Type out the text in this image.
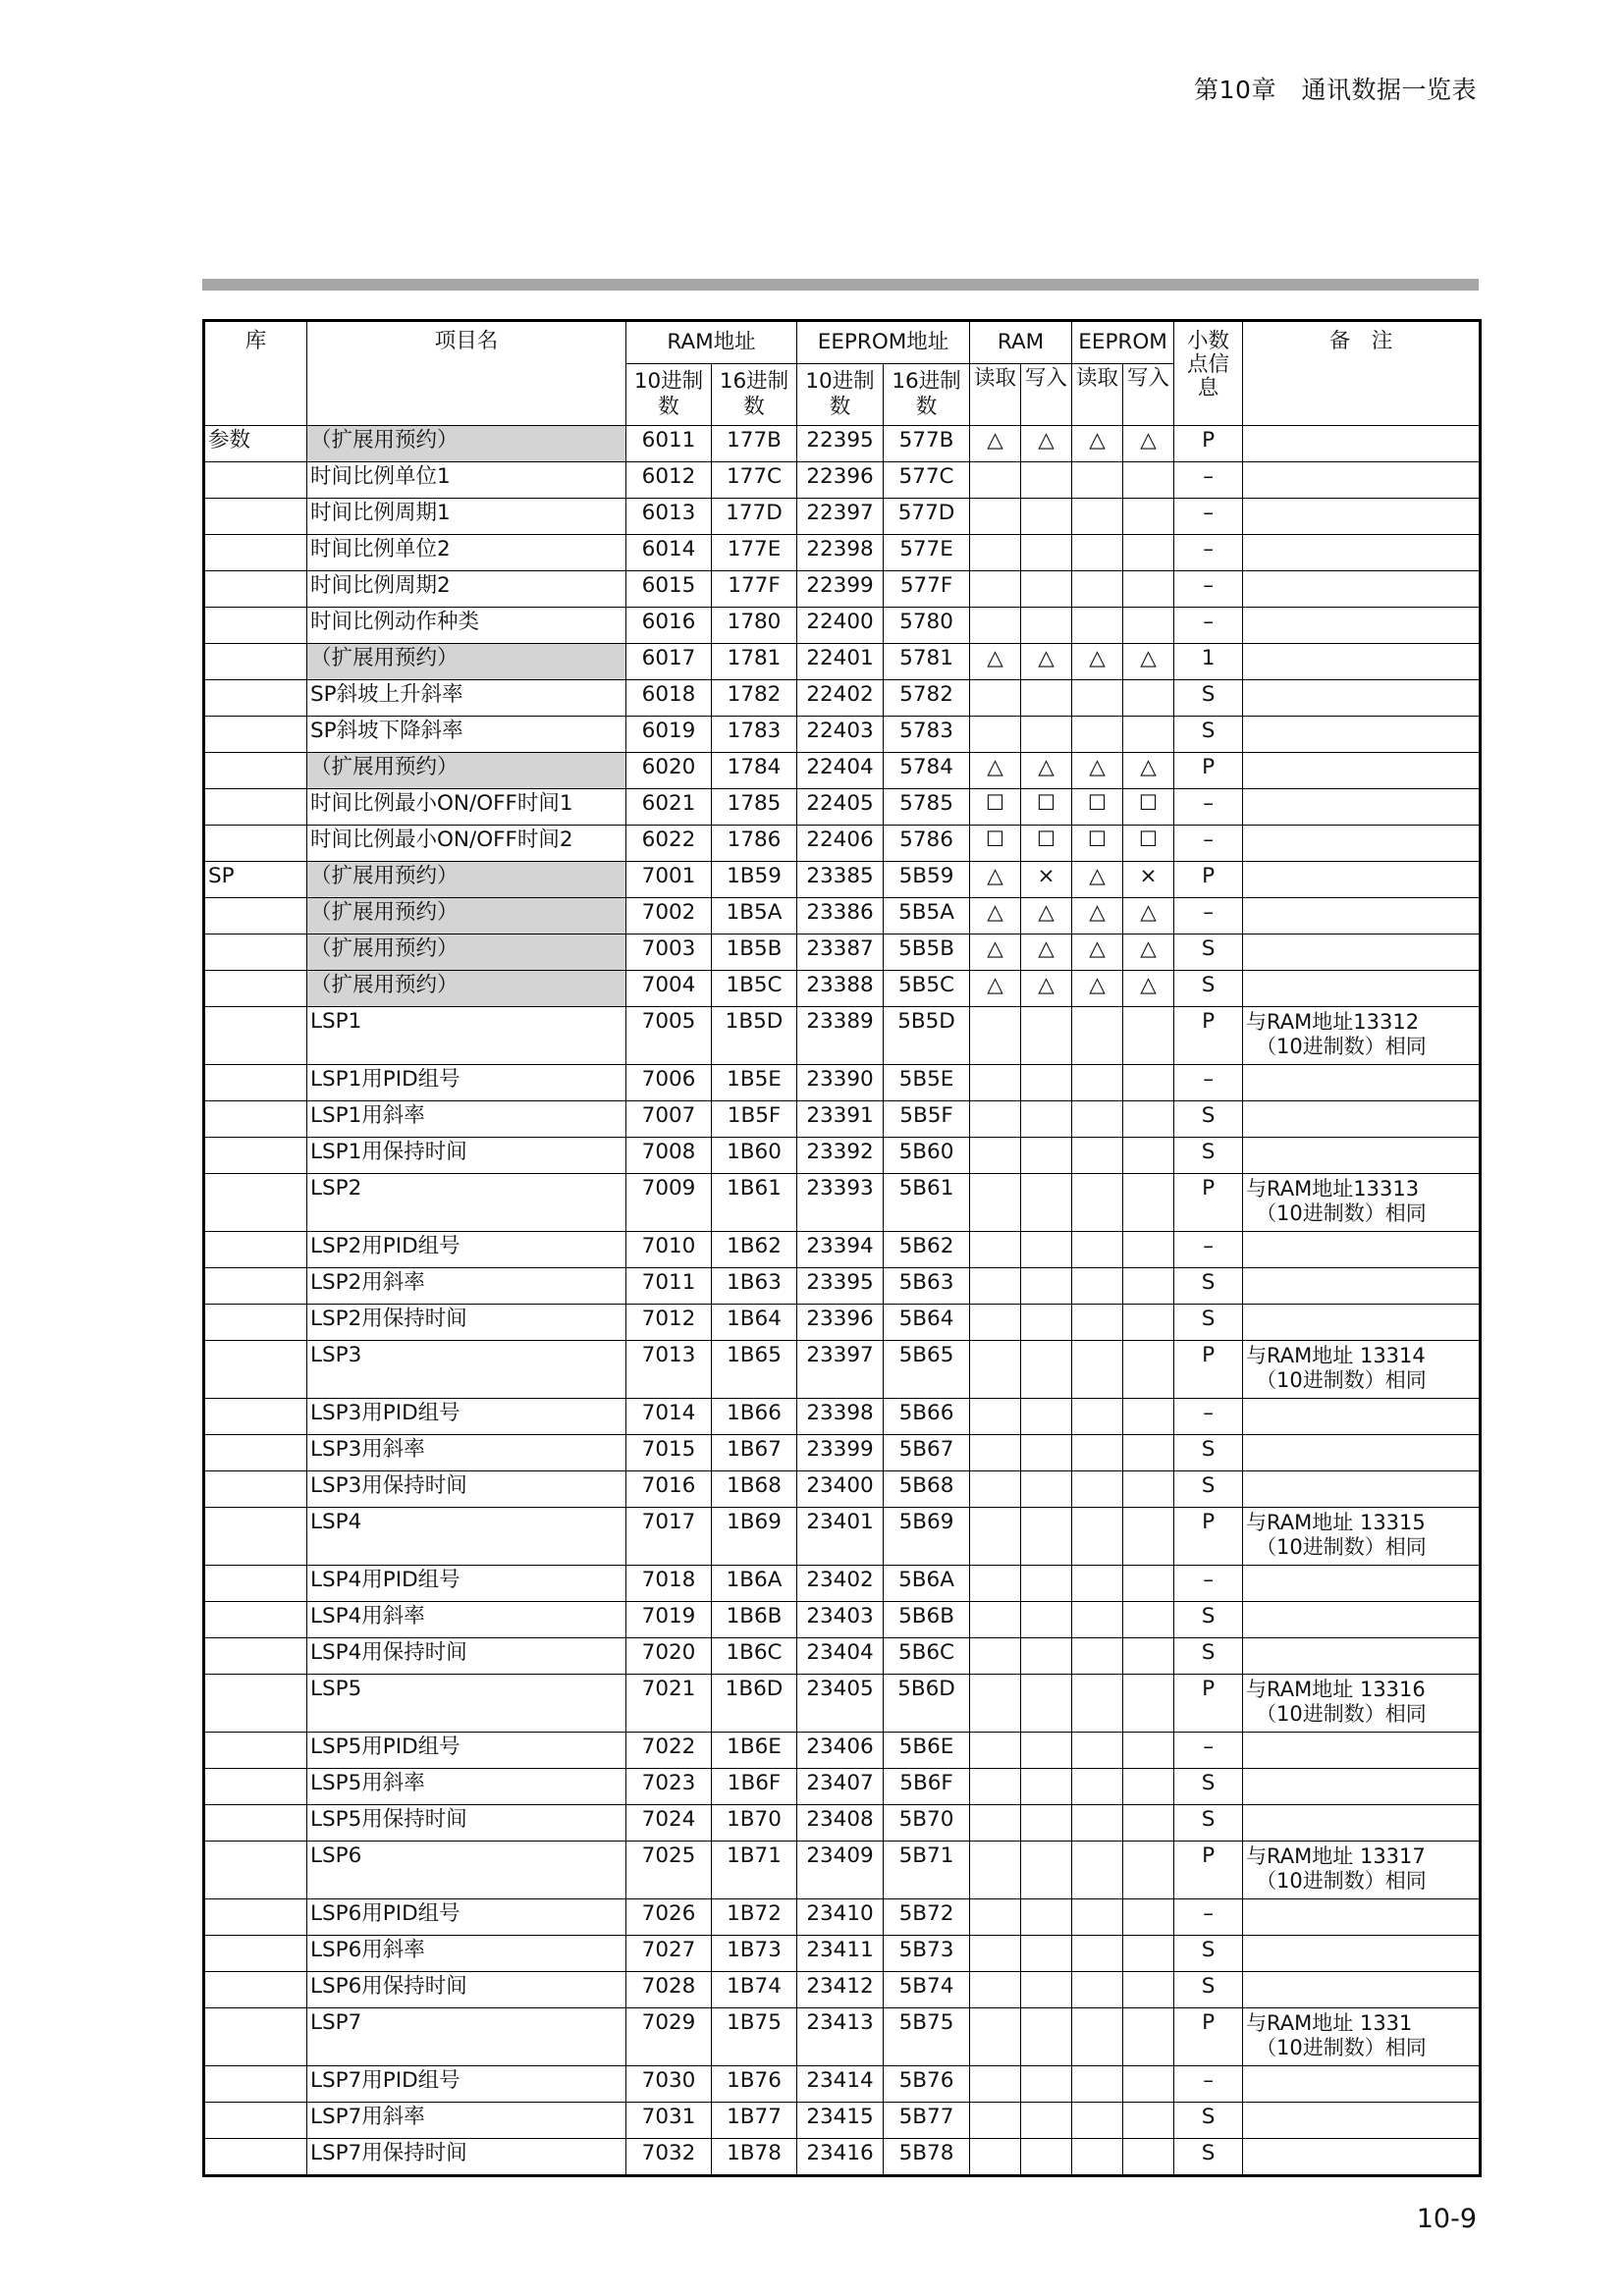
第10章　 通讯数据一览表
库	项目名	RAM地址		EEPROM地址		RAM		EEPROM		小数点信息	备　注
		10进制数	16进制数	10进制数	16进制数	读取	写入	读取	写入		
参数	（扩展用预约）	6011	177B	22395	577B	△	△	△	△	P	

	时间比例单位1	6012	177C	22396	577C					–	

	时间比例周期1	6013	177D	22397	577D					–	

	时间比例单位2	6014	177E	22398	577E					–	

	时间比例周期2	6015	177F	22399	577F					–	

	时间比例动作种类	6016	1780	22400	5780					–	

	（扩展用预约）	6017	1781	22401	5781	△	△	△	△	1	

	SP斜坡上升斜率	6018	1782	22402	5782					S	

	SP斜坡下降斜率	6019	1783	22403	5783					S	

	（扩展用预约）	6020	1784	22404	5784	△	△	△	△	P	

	时间比例最小ON/OFF时间1	6021	1785	22405	5785	☐	☐	☐	☐	–	

	时间比例最小ON/OFF时间2	6022	1786	22406	5786	☐	☐	☐	☐	–	

SP	（扩展用预约）	7001	1B59	23385	5B59	△	×	△	×	P	

	（扩展用预约）	7002	1B5A	23386	5B5A	△	△	△	△	–	

	（扩展用预约）	7003	1B5B	23387	5B5B	△	△	△	△	S	

	（扩展用预约）	7004	1B5C	23388	5B5C	△	△	△	△	S	

	LSP1	7005	1B5D	23389	5B5D					P	与RAM地址13312
（10进制数）相同

	LSP1用PID组号	7006	1B5E	23390	5B5E					–	

	LSP1用斜率	7007	1B5F	23391	5B5F					S	

	LSP1用保持时间	7008	1B60	23392	5B60					S	

	LSP2	7009	1B61	23393	5B61					P	与RAM地址13313
（10进制数）相同

	LSP2用PID组号	7010	1B62	23394	5B62					–	

	LSP2用斜率	7011	1B63	23395	5B63					S	

	LSP2用保持时间	7012	1B64	23396	5B64					S	

	LSP3	7013	1B65	23397	5B65					P	与RAM地址 13314
（10进制数）相同

	LSP3用PID组号	7014	1B66	23398	5B66					–	

	LSP3用斜率	7015	1B67	23399	5B67					S	

	LSP3用保持时间	7016	1B68	23400	5B68					S	

	LSP4	7017	1B69	23401	5B69					P	与RAM地址 13315
（10进制数）相同

	LSP4用PID组号	7018	1B6A	23402	5B6A					–	

	LSP4用斜率	7019	1B6B	23403	5B6B					S	

	LSP4用保持时间	7020	1B6C	23404	5B6C					S	

	LSP5	7021	1B6D	23405	5B6D					P	与RAM地址 13316
（10进制数）相同

	LSP5用PID组号	7022	1B6E	23406	5B6E					–	

	LSP5用斜率	7023	1B6F	23407	5B6F					S	

	LSP5用保持时间	7024	1B70	23408	5B70					S	

	LSP6	7025	1B71	23409	5B71					P	与RAM地址 13317
（10进制数）相同

	LSP6用PID组号	7026	1B72	23410	5B72					–	

	LSP6用斜率	7027	1B73	23411	5B73					S	

	LSP6用保持时间	7028	1B74	23412	5B74					S	

	LSP7	7029	1B75	23413	5B75					P	与RAM地址 1331
（10进制数）相同

	LSP7用PID组号	7030	1B76	23414	5B76					–	

	LSP7用斜率	7031	1B77	23415	5B77					S	

	LSP7用保持时间	7032	1B78	23416	5B78					S	
10-9
